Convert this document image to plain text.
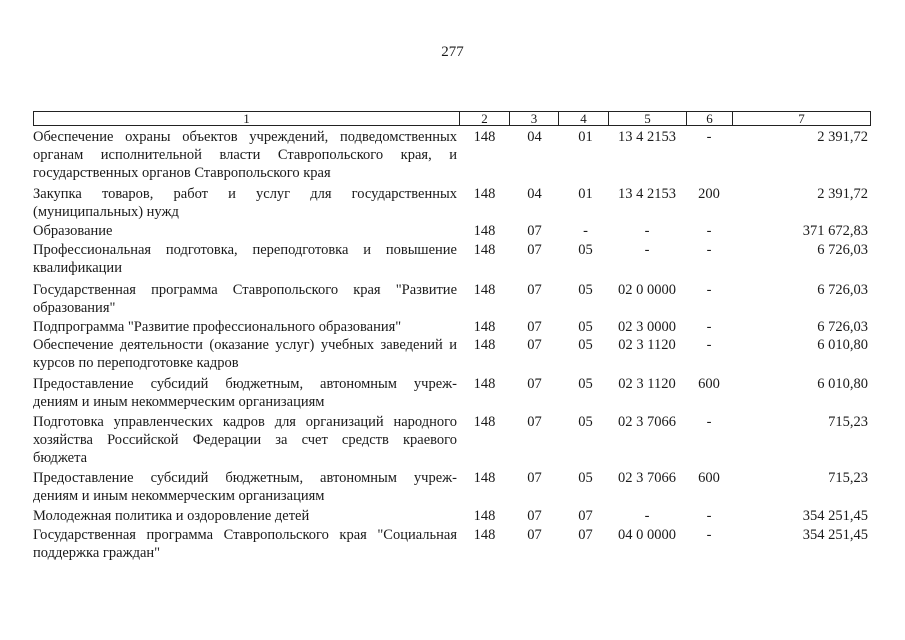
277
1	2	3	4	5	6	7
Обеспечение охраны объектов учреждений, подведомственных
органам исполнительной власти Ставропольского края, и
государственных органов Ставропольского края
148	04	01	13 4 2153	-	2 391,72
Закупка товаров, работ и услуг для государственных
(муниципальных) нужд
148	04	01	13 4 2153	200	2 391,72
Образование	148	07	-	-	-	371 672,83
Профессиональная подготовка, переподготовка и повышение
квалификации
148	07	05	-	-	6 726,03
Государственная программа Ставропольского края "Развитие
образования"
148	07	05	02 0 0000	-	6 726,03
Подпрограмма "Развитие профессионального образования"	148	07	05	02 3 0000	-	6 726,03
Обеспечение деятельности (оказание услуг) учебных заведений и
курсов по переподготовке кадров
148	07	05	02 3 1120	-	6 010,80
Предоставление субсидий бюджетным, автономным учреж-
дениям и иным некоммерческим организациям
148	07	05	02 3 1120	600	6 010,80
Подготовка управленческих кадров для организаций народного
хозяйства Российской Федерации за счет средств краевого
бюджета
148	07	05	02 3 7066	-	715,23
Предоставление субсидий бюджетным, автономным учреж-
дениям и иным некоммерческим организациям
148	07	05	02 3 7066	600	715,23
Молодежная политика и оздоровление детей	148	07	07	-	-	354 251,45
Государственная программа Ставропольского края "Социальная
поддержка граждан"
148	07	07	04 0 0000	-	354 251,45
